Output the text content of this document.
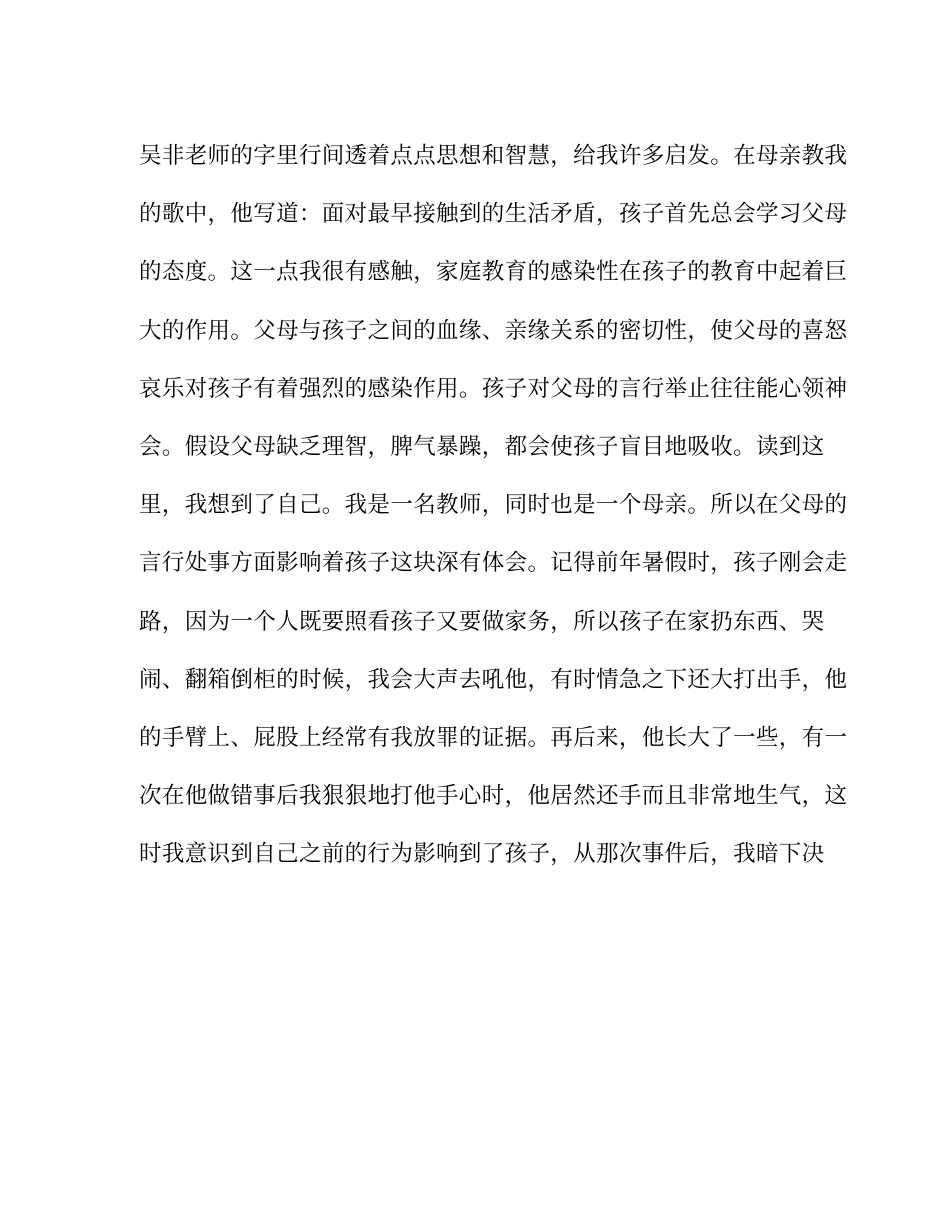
吴非老师的字里行间透着点点思想和智慧，给我许多启发。在母亲教我
的歌中，他写道：面对最早接触到的生活矛盾，孩子首先总会学习父母
的态度。这一点我很有感触，家庭教育的感染性在孩子的教育中起着巨
大的作用。父母与孩子之间的血缘、亲缘关系的密切性，使父母的喜怒
哀乐对孩子有着强烈的感染作用。孩子对父母的言行举止往往能心领神
会。假设父母缺乏理智，脾气暴躁，都会使孩子盲目地吸收。读到这
里，我想到了自己。我是一名教师，同时也是一个母亲。所以在父母的
言行处事方面影响着孩子这块深有体会。记得前年暑假时，孩子刚会走
路，因为一个人既要照看孩子又要做家务，所以孩子在家扔东西、哭
闹、翻箱倒柜的时候，我会大声去吼他，有时情急之下还大打出手，他
的手臂上、屁股上经常有我放罪的证据。再后来，他长大了一些，有一
次在他做错事后我狠狠地打他手心时，他居然还手而且非常地生气，这
时我意识到自己之前的行为影响到了孩子，从那次事件后，我暗下决
